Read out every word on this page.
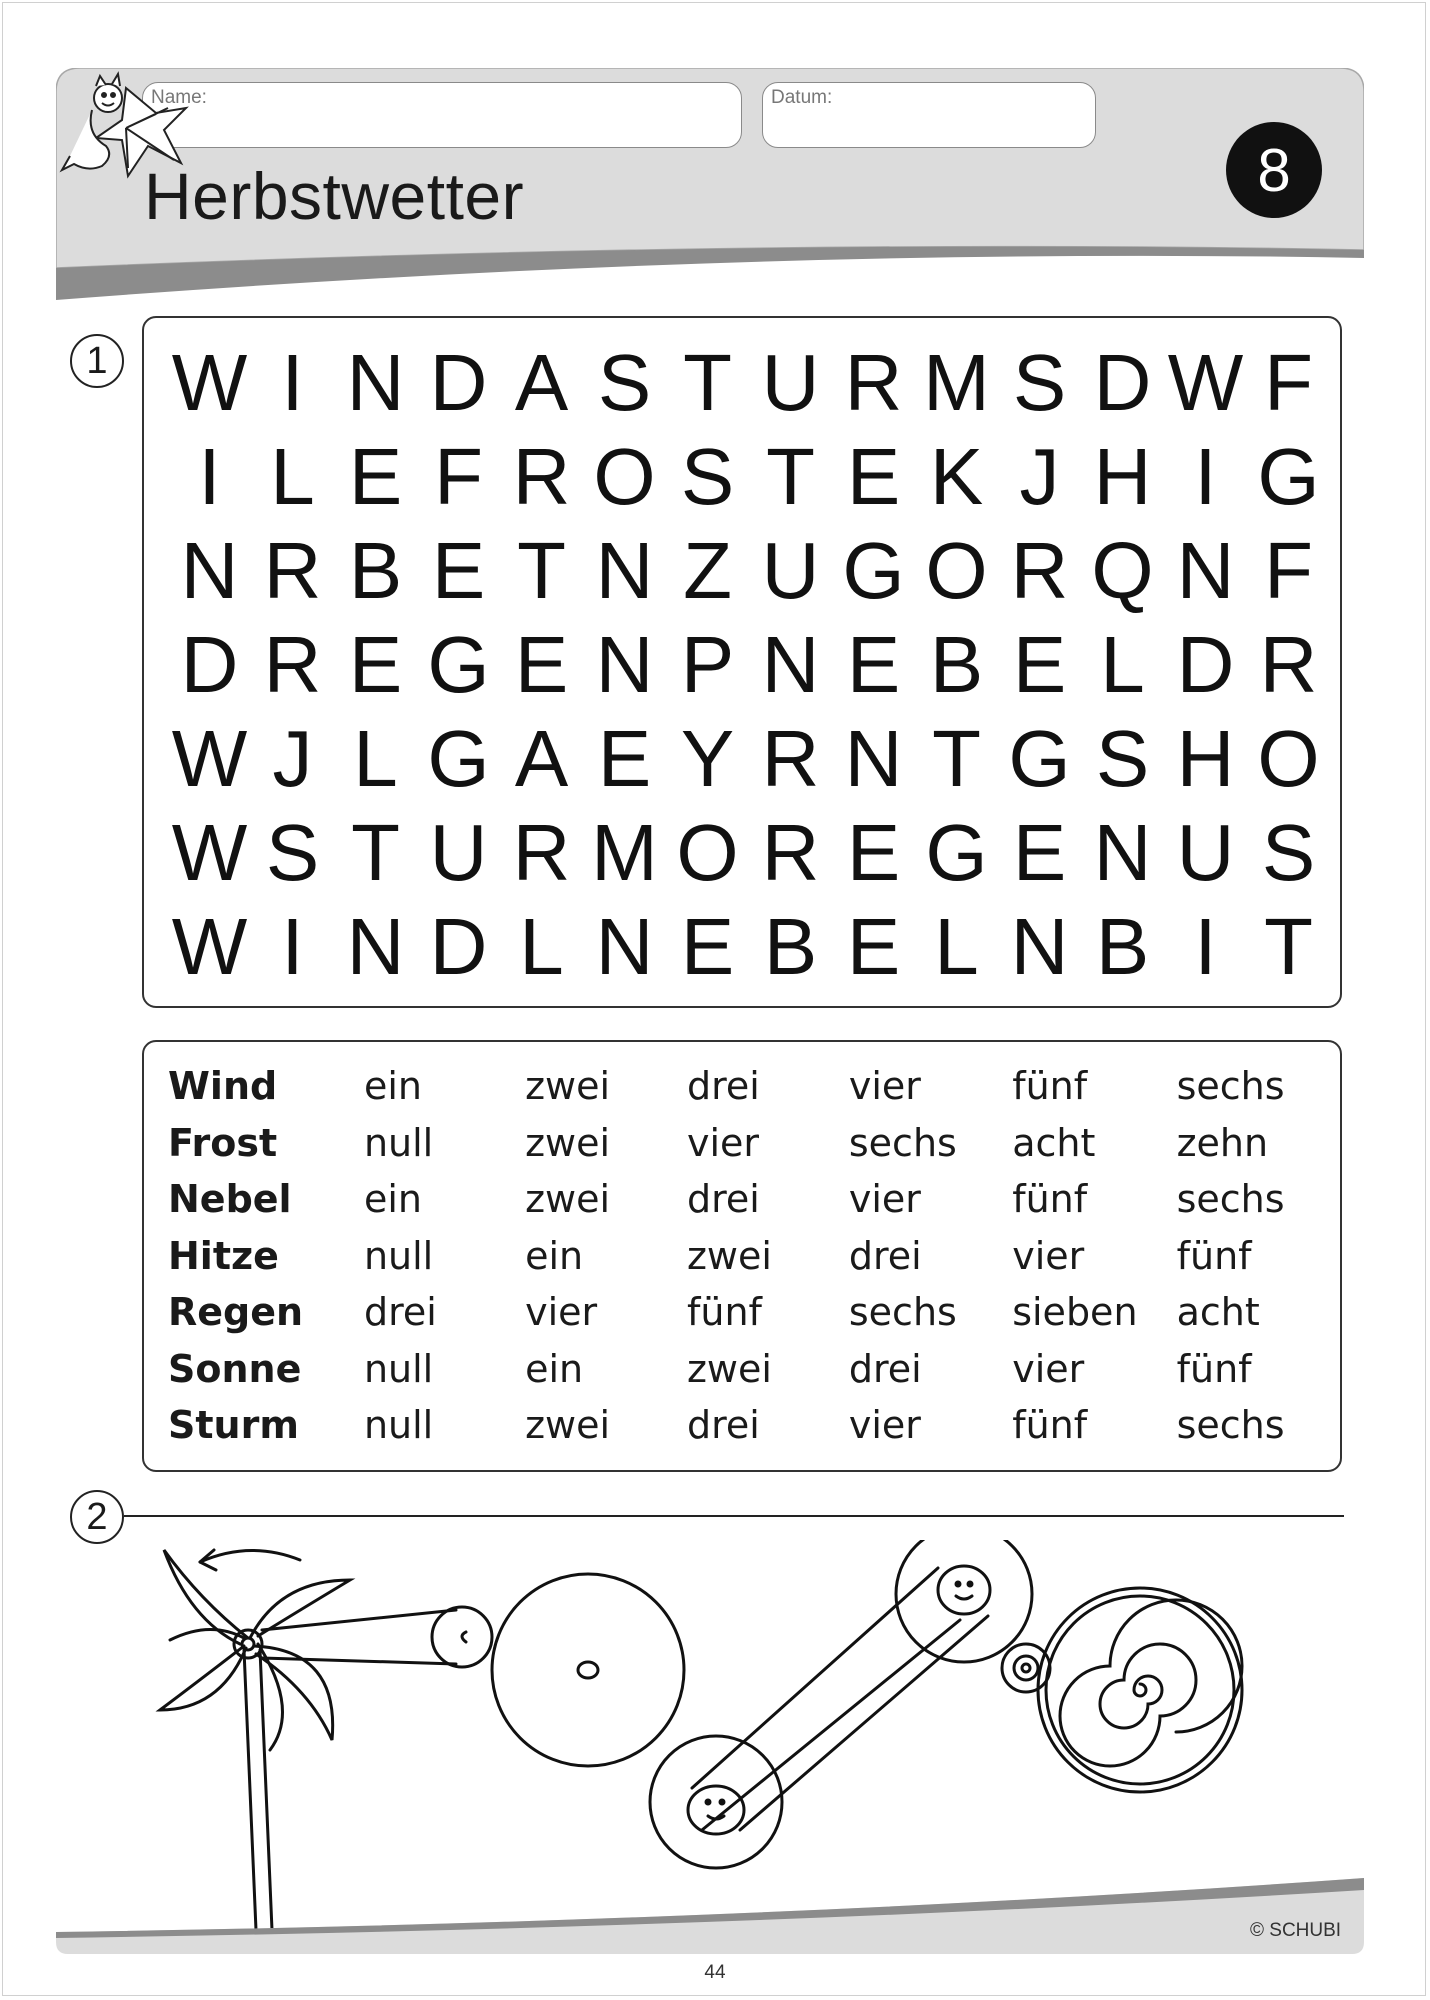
Name:	Datum:
Herbstwetter	8
1 W I N D A S T U R M S D W F
I L E F R O S T E K J H I G
N R B E T N Z U G O R Q N F
D R E G E N P N E B E L D R
W J L G A E Y R N T G S H O
W S T U R M O R E G E N U S
W I N D L N E B E L N B I T
Wind	ein	zwei	drei	vier	fünf	sechs
Frost	null	zwei	vier	sechs	acht	zehn
Nebel	ein	zwei	drei	vier	fünf	sechs
Hitze	null	ein	zwei	drei	vier	fünf
Regen	drei	vier	fünf	sechs	sieben	acht
Sonne	null	ein	zwei	drei	vier	fünf
Sturm	null	zwei	drei	vier	fünf	sechs
2
© SCHUBI
44
